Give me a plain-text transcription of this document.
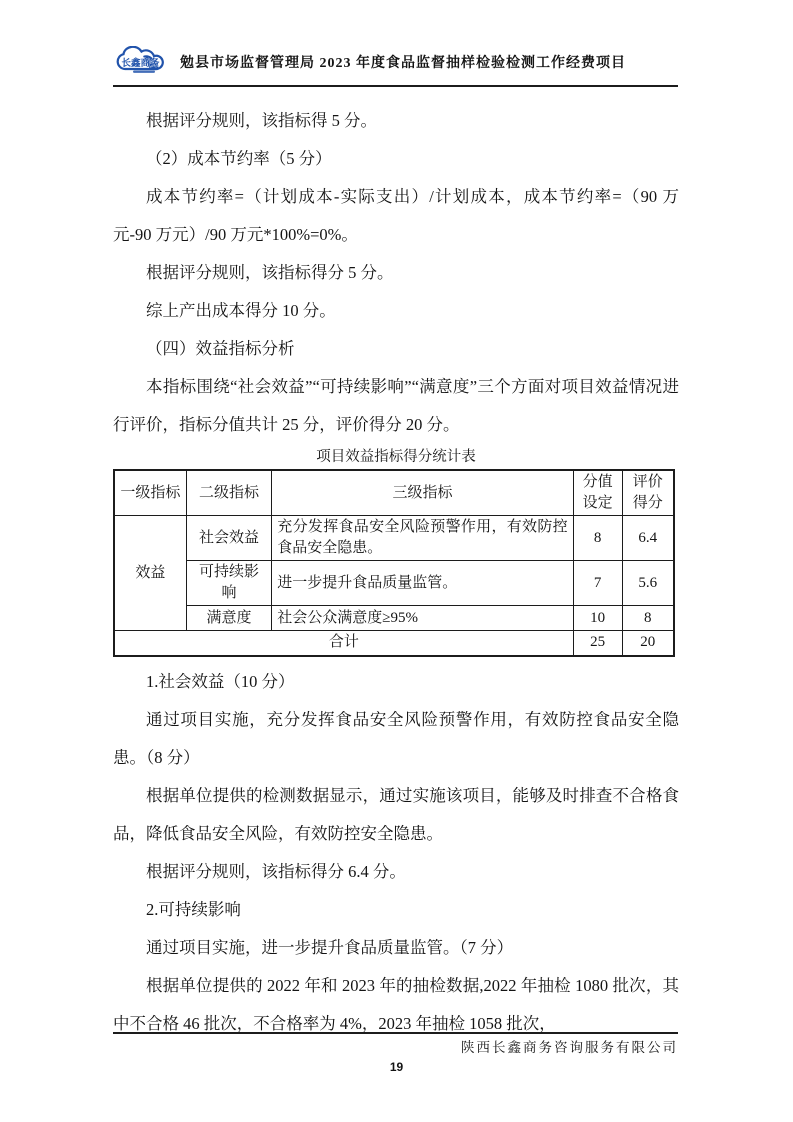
长鑫商务 勉县市场监督管理局 2023 年度食品监督抽样检验检测工作经费项目

根据评分规则，该指标得 5 分。

（2）成本节约率（5 分）

成本节约率=（计划成本-实际支出）/计划成本，成本节约率=（90 万元-90 万元）/90 万元*100%=0%。

根据评分规则，该指标得分 5 分。

综上产出成本得分 10 分。

（四）效益指标分析

本指标围绕“社会效益”“可持续影响”“满意度”三个方面对项目效益情况进行评价，指标分值共计 25 分，评价得分 20 分。

项目效益指标得分统计表
一级指标	二级指标	三级指标	分值设定	评价得分
效益	社会效益	充分发挥食品安全风险预警作用，有效防控食品安全隐患。	8	6.4
	可持续影响	进一步提升食品质量监管。	7	5.6
	满意度	社会公众满意度≥95%	10	8
合计			25	20

1.社会效益（10 分）

通过项目实施，充分发挥食品安全风险预警作用，有效防控食品安全隐患。（8 分）

根据单位提供的检测数据显示，通过实施该项目，能够及时排查不合格食品，降低食品安全风险，有效防控安全隐患。

根据评分规则，该指标得分 6.4 分。

2.可持续影响

通过项目实施，进一步提升食品质量监管。（7 分）

根据单位提供的 2022 年和 2023 年的抽检数据,2022 年抽检 1080 批次，其中不合格 46 批次，不合格率为 4%，2023 年抽检 1058 批次，

陕西长鑫商务咨询服务有限公司
19
